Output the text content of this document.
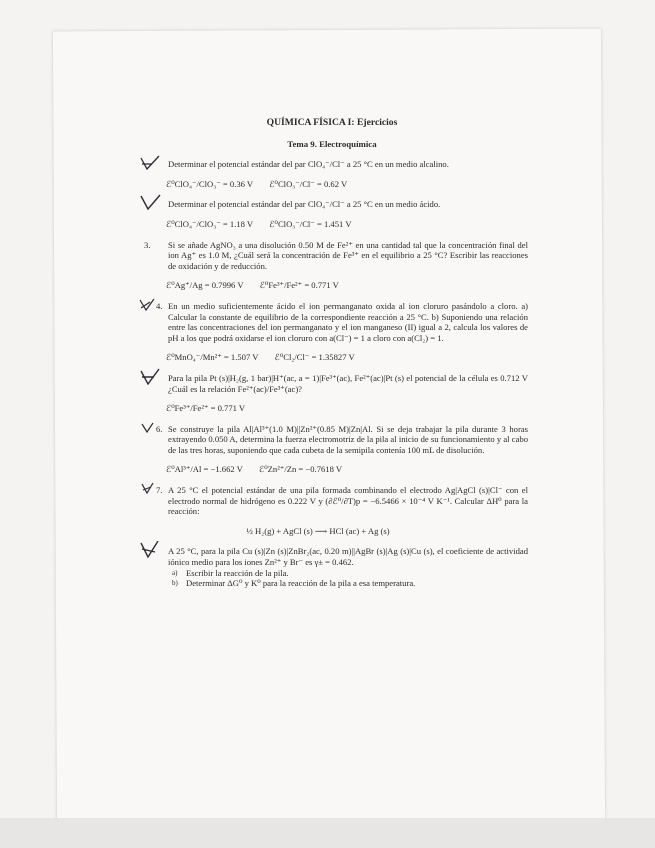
QUÍMICA FÍSICA I: Ejercicios
Tema 9. Electroquímica
Determinar el potencial estándar del par ClO₄⁻/Cl⁻ a 25 °C en un medio alcalino.
ℰ⁰ClO₄⁻/ClO₃⁻ = 0.36 V ℰ⁰ClO₃⁻/Cl⁻ = 0.62 V
Determinar el potencial estándar del par ClO₄⁻/Cl⁻ a 25 °C en un medio ácido.
ℰ⁰ClO₄⁻/ClO₃⁻ = 1.18 V ℰ⁰ClO₃⁻/Cl⁻ = 1.451 V
3. Si se añade AgNO₃ a una disolución 0.50 M de Fe²⁺ en una cantidad tal que la concentración final del ion Ag⁺ es 1.0 M, ¿Cuál será la concentración de Fe³⁺ en el equilibrio a 25 °C? Escribir las reacciones de oxidación y de reducción.
ℰ⁰Ag⁺/Ag = 0.7996 V ℰ⁰Fe³⁺/Fe²⁺ = 0.771 V
4. En un medio suficientemente ácido el ion permanganato oxida al ion cloruro pasándolo a cloro. a) Calcular la constante de equilibrio de la correspondiente reacción a 25 °C. b) Suponiendo una relación entre las concentraciones del ion permanganato y el ion manganeso (II) igual a 2, calcula los valores de pH a los que podrá oxidarse el ion cloruro con a(Cl⁻) = 1 a cloro con a(Cl₂) = 1.
ℰ⁰MnO₄⁻/Mn²⁺ = 1.507 V ℰ⁰Cl₂/Cl⁻ = 1.35827 V
Para la pila Pt (s)|H₂(g, 1 bar)|H⁺(ac, a = 1)|Fe³⁺(ac), Fe²⁺(ac)|Pt (s) el potencial de la célula es 0.712 V ¿Cuál es la relación Fe²⁺(ac)/Fe³⁺(ac)?
ℰ⁰Fe³⁺/Fe²⁺ = 0.771 V
6. Se construye la pila Al|Al³⁺(1.0 M)||Zn²⁺(0.85 M)|Zn|Al. Si se deja trabajar la pila durante 3 horas extrayendo 0.050 A, determina la fuerza electromotriz de la pila al inicio de su funcionamiento y al cabo de las tres horas, suponiendo que cada cubeta de la semipila contenía 100 mL de disolución.
ℰ⁰Al³⁺/Al = −1.662 V ℰ⁰Zn²⁺/Zn = −0.7618 V
7. A 25 °C el potencial estándar de una pila formada combinando el electrodo Ag|AgCl (s)|Cl⁻ con el electrodo normal de hidrógeno es 0.222 V y (∂ℰ⁰/∂T)p = −6.5466 × 10⁻⁴ V K⁻¹. Calcular ΔH⁰ para la reacción:
½ H₂(g) + AgCl (s) ⟶ HCl (ac) + Ag (s)
A 25 °C, para la pila Cu (s)|Zn (s)|ZnBr₂(ac, 0.20 m)||AgBr (s)|Ag (s)|Cu (s), el coeficiente de actividad iónico medio para los iones Zn²⁺ y Br⁻ es γ± = 0.462.
a) Escribir la reacción de la pila.
b) Determinar ΔG⁰ y K⁰ para la reacción de la pila a esa temperatura.
